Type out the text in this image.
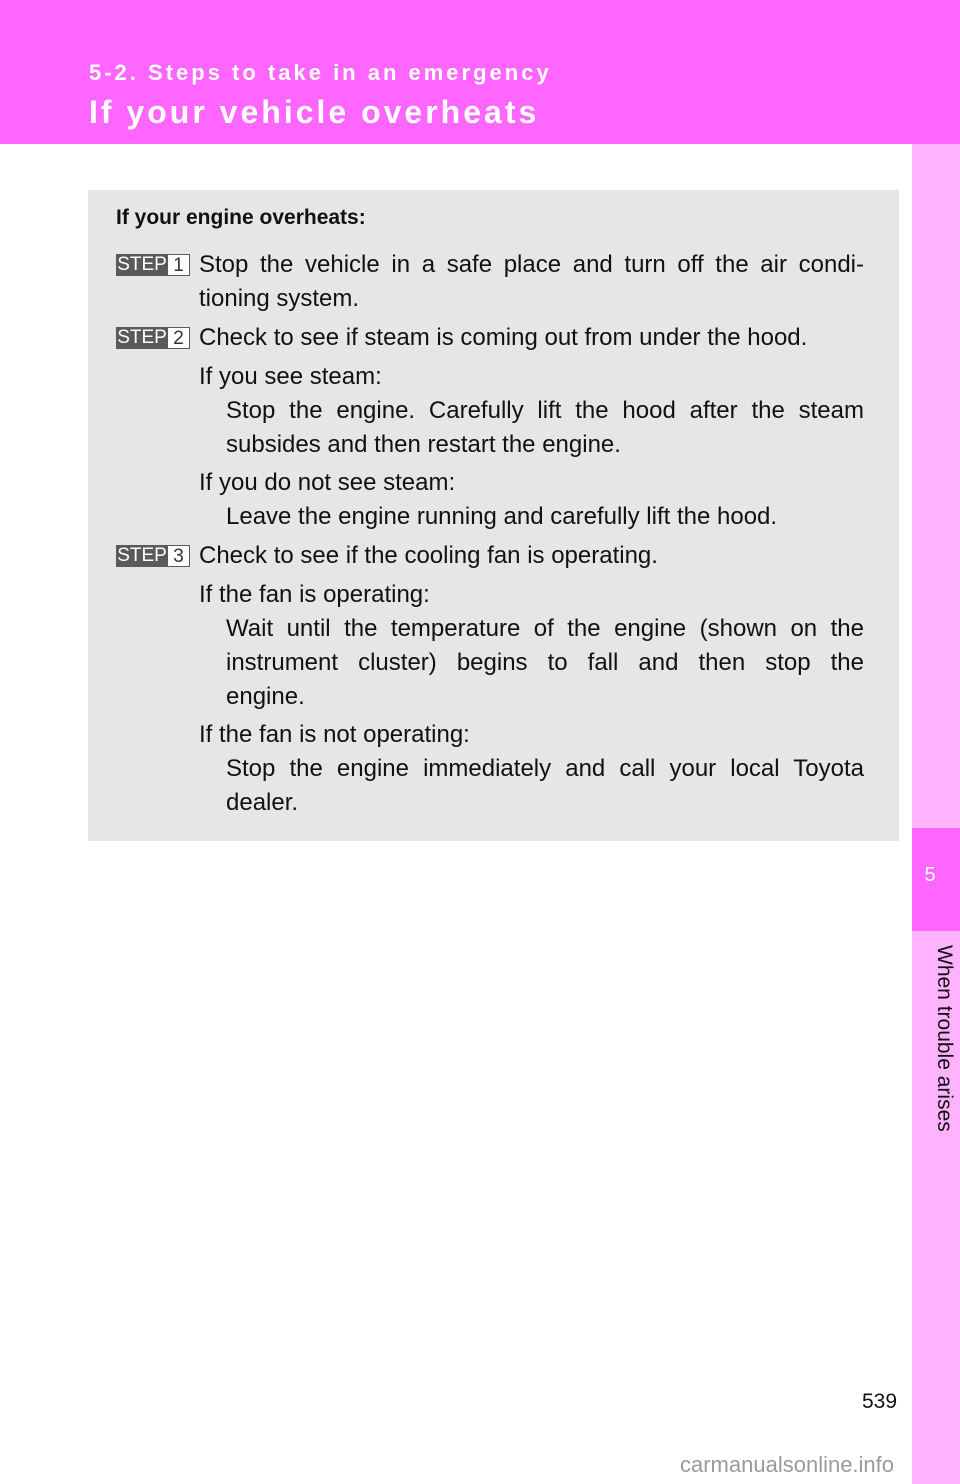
5-2. Steps to take in an emergency
If your vehicle overheats
5
When trouble arises
If your engine overheats:
STEP 1 Stop the vehicle in a safe place and turn off the air condi-
tioning system.
STEP 2 Check to see if steam is coming out from under the hood.
If you see steam:
Stop the engine. Carefully lift the hood after the steam
subsides and then restart the engine.
If you do not see steam:
Leave the engine running and carefully lift the hood.
STEP 3 Check to see if the cooling fan is operating.
If the fan is operating:
Wait until the temperature of the engine (shown on the
instrument cluster) begins to fall and then stop the
engine.
If the fan is not operating:
Stop the engine immediately and call your local Toyota
dealer.
539
carmanualsonline.info
